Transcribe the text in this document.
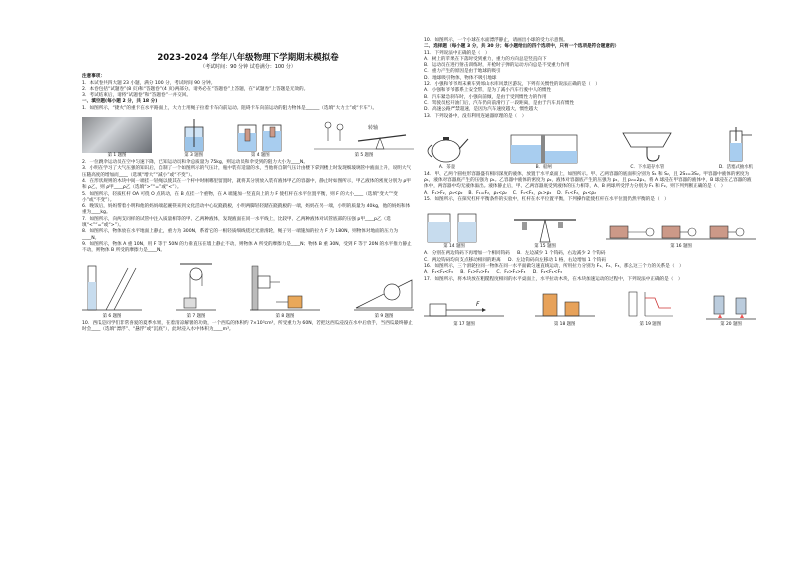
2023-2024 学年八年级物理下学期期末模拟卷
（考试时间：90 分钟 试卷满分：100 分）

注意事项：

1．本试卷共四大题 23 小题，满分 100 分，考试时间 90 分钟。

2．本卷包括“试题卷”(8 页)和“答题卷”(4 页)两部分。请务必在“答题卷”上答题，在“试题卷”上答题是无效的。

3．考试结束后，请将“试题卷”和“答题卷”一并交回。

一、填空题(每小题 2 分，共 18 分)

1．如图所示，“捷火”的重卡在水平路面上，大力士用绳子拉着卡车向前运动。阻碍卡车向前运动的阻力物体是______（选填“大力士”或“卡车”）。

第 1 题图	第 3 题图	第 4 题图
转轴
第 5 题图

2．一位跳伞运动员在空中匀速下降，已知运动员和伞总质量为 75kg，则运动员和伞受到的阻力大小为____N。

3．小明在学习了大气压强的知识后，自制了一个如图所示的气压计，瓶中装有适量的水，当他将自制气压计由楼下拿到楼上时发现细玻璃管中液面上升，说明大气压随高度的增加而____（选填“增大”“减小”或“不变”）。

4．在形状规则的木块中间一端挂一轻绳以使其在一个杆中时刚哪里留置时，就将其分别放入装有液体甲乙的容器中，静止时如图所示，甲乙液体的密度分别为 ρ甲 和 ρ乙，则 ρ甲____ρ乙（选填“>”“=”或“<”）。

5．如图所示，轻质杠杆 OA 可绕 O 点转动，在 B 点挂一个重物，在 A 端施加一竖直向上的力 F 使杠杆在水平位置平衡，则 F 的大小____（选填“变大”“变小”或“不变”）。

6．晚饭后，妈妈帮着小明和他的妈妈端起碗筷来到文化活动中心玩跷跷板，小明两脚轻轻踏在跷跷板的一端，妈妈在另一端，小明的质量为 40kg，他的妈妈和体重为____kg。

7．如图所示，向两支同样的试管中注入质量相等的甲、乙两种液体，发现液面在同一水平线上，比较甲、乙两种液体对试管底部的压强 p甲____p乙（选填“<”“=”或“>”）。

8．如图所示，物体放在水平地面上静止，重力为 300N，系着它的一根轻质细线绕过光滑滑轮，绳子另一端施加的拉力 F 为 180N，则物体对地面的压力为____N。

9．如图所示，物体 A 重 10N，用 F 等于 50N 的力垂直压在墙上静止不动，则物体 A 所受的摩擦力是____N；物体 B 重 30N，受到 F 等于 20N 的水平推力静止不动，则物体 B 所受的摩擦力是____N。

第 6 题图	第 7 题图	第 8 题图	第 9 题图

10．西瓜是同学们非常喜爱的夏季水果，在着清凉解暑的功效，一个西瓜的体积约 7×10³cm³，所受重力为 60N，若把这西瓜浸没在水中后放手，当西瓜最终静止时会____（选填“漂浮”、“悬浮”或“沉底”），此时浸入水中体积为____m³。

10．如图所示，一个小球在水面漂浮静止，请画出小球的受力示意图。

二、选择题（每小题 3 分，共 30 分；每小题给出的四个选项中，只有一个选项是符合题意的）

11．下列说法中正确的是（　）

A．树上的苹果在下落时受到重力，重力的方向总是竖直向下

B．运动员在进行射击训练时，开枪时子弹的运动方向总是不受重力作用

C．重力产生的原因是由于地球的吸引

D．地球吸引物体，物体不吸引地球

12．小强和爷爷周末乘车到郊山水库风景区游玩，下列有关惯性的说法正确的是（　）

A．小强和爷爷都系上安全带，是为了减小汽车行驶中人的惯性

B．汽车紧急刹车时，小强向前倾，是由于受到惯性力的作用

C．驾驶员松开油门后，汽车仍向前滑行了一段距离，是由于汽车具有惯性

D．高速公路严禁超速，是因为汽车速度越大，惯性越大

13．下列设备中，没有利用连通器原理的是（　）

A．茶壶	B．船闸	C．下水道存水管	D．活塞式抽水机

14．甲、乙两个圆柱形容器盛有相同深度的液体，放置于水平桌面上，如图所示。甲、乙两容器的底面积分别为 S₁ 和 S₂，且 2S₁=3S₂。甲容器中液体的密度为 ρ₁，液体对容器底产生的压强为 p₁。乙容器中液体的密度为 ρ₂，液体对容器底产生的压强为 p₂，且 p₂=2p₁。将 A 球浸在甲容器的液体中，B 球浸在乙容器的液体中，两容器中均无液体溢出。液体静止后，甲、乙两容器底受到液体的压力相等，A、B 两球所受浮力分别为 F₁ 和 F₂。则下列判断正确的是（　）

A．F₁>F₂，ρ₁<ρ₂ B．F₁=F₂，ρ₁<ρ₂ C．F₁<F₂，ρ₁>ρ₂ D．F₁<F₂，ρ₁<ρ₂

15．如图所示，在探究杠杆平衡条件的实验中，杠杆在水平位置平衡，下列操作能使杠杆在水平位置仍然平衡的是（　）

第 14 题图	第 15 题图	第 16 题图

A．分别在两边钩码下再增加一个相同钩码 B．左边减少 1 个钩码，右边减少 2 个钩码

C．两边钩码均向支点移动相同的距离 D．左边钩码向左移动 1 格，右边增加 1 个钩码

16．如图所示，三个滑轮拉同一物体在同一水平面做匀速直线运动，所用拉力分别为 F₁、F₂、F₃，那么这三个力的关系是（　）

A．F₁<F₂<F₃ B．F₁>F₂>F₃ C．F₂>F₁>F₃ D．F₂<F₁<F₃

17．如图所示，将木块放在粗糙程度相同的水平桌面上，水平拉动木块，在木块加速运动的过程中，下列说法中正确的是（　）

F
第 17 题图	第 18 题图	第 19 题图	第 20 题图
